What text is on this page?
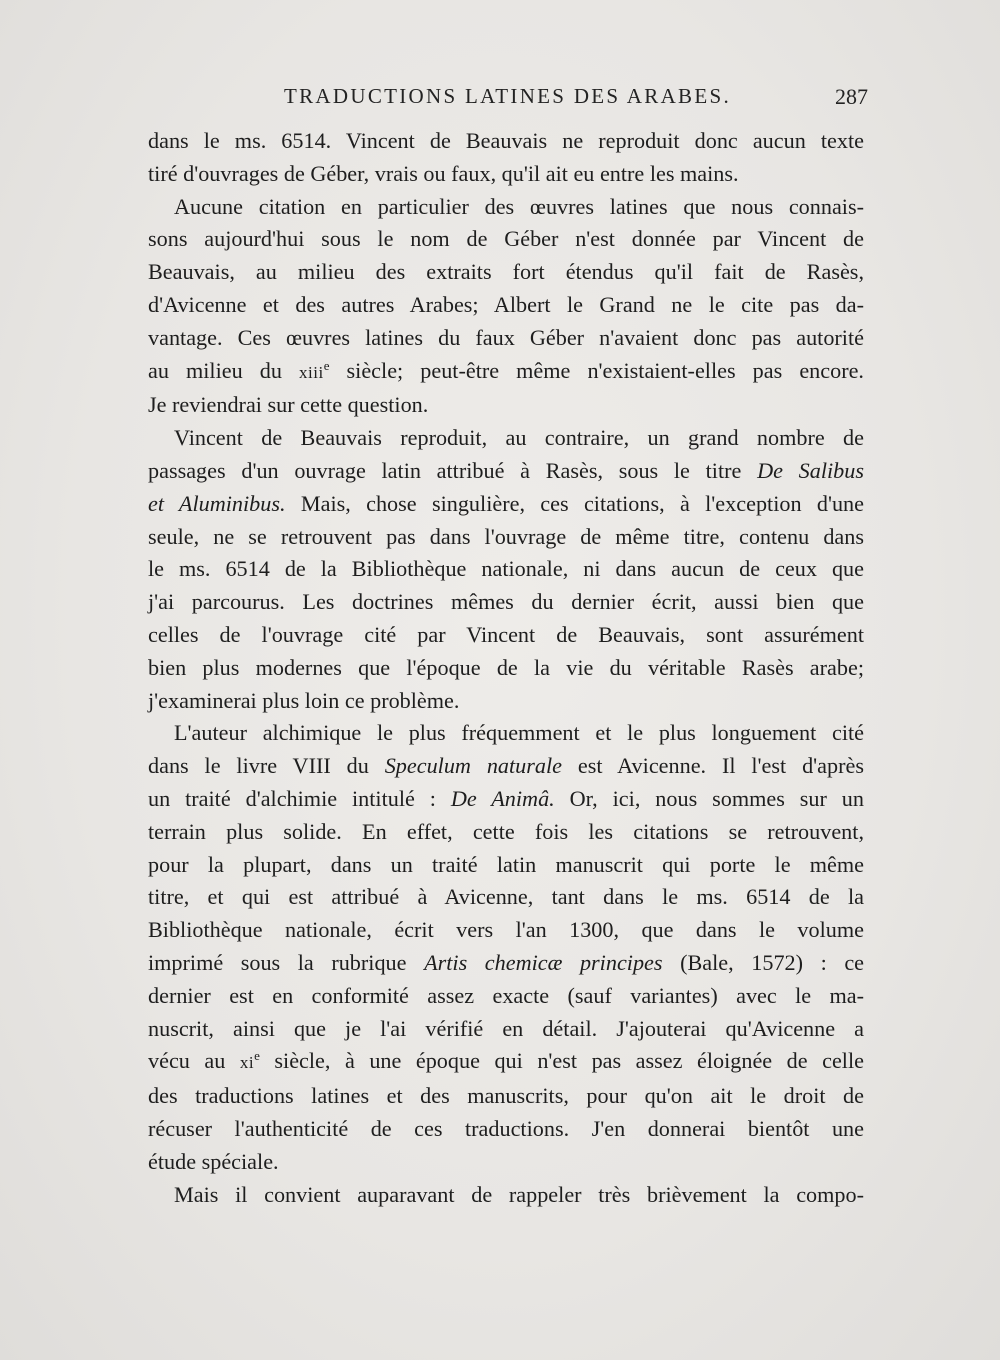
TRADUCTIONS LATINES DES ARABES.	287
dans le ms. 6514. Vincent de Beauvais ne reproduit donc aucun texte
tiré d'ouvrages de Géber, vrais ou faux, qu'il ait eu entre les mains.
Aucune citation en particulier des œuvres latines que nous connais-
sons aujourd'hui sous le nom de Géber n'est donnée par Vincent de
Beauvais, au milieu des extraits fort étendus qu'il fait de Rasès,
d'Avicenne et des autres Arabes; Albert le Grand ne le cite pas da-
vantage. Ces œuvres latines du faux Géber n'avaient donc pas autorité
au milieu du xiii$^e$ siècle; peut-être même n'existaient-elles pas encore.
Je reviendrai sur cette question.
Vincent de Beauvais reproduit, au contraire, un grand nombre de
passages d'un ouvrage latin attribué à Rasès, sous le titre De Salibus
et Aluminibus. Mais, chose singulière, ces citations, à l'exception d'une
seule, ne se retrouvent pas dans l'ouvrage de même titre, contenu dans
le ms. 6514 de la Bibliothèque nationale, ni dans aucun de ceux que
j'ai parcourus. Les doctrines mêmes du dernier écrit, aussi bien que
celles de l'ouvrage cité par Vincent de Beauvais, sont assurément
bien plus modernes que l'époque de la vie du véritable Rasès arabe;
j'examinerai plus loin ce problème.
L'auteur alchimique le plus fréquemment et le plus longuement cité
dans le livre VIII du Speculum naturale est Avicenne. Il l'est d'après
un traité d'alchimie intitulé : De Animâ. Or, ici, nous sommes sur un
terrain plus solide. En effet, cette fois les citations se retrouvent,
pour la plupart, dans un traité latin manuscrit qui porte le même
titre, et qui est attribué à Avicenne, tant dans le ms. 6514 de la
Bibliothèque nationale, écrit vers l'an 1300, que dans le volume
imprimé sous la rubrique Artis chemicæ principes (Bale, 1572) : ce
dernier est en conformité assez exacte (sauf variantes) avec le ma-
nuscrit, ainsi que je l'ai vérifié en détail. J'ajouterai qu'Avicenne a
vécu au $xi^e$ siècle, à une époque qui n'est pas assez éloignée de celle
des traductions latines et des manuscrits, pour qu'on ait le droit de
récuser l'authenticité de ces traductions. J'en donnerai bientôt une
étude spéciale.
Mais il convient auparavant de rappeler très brièvement la compo-
